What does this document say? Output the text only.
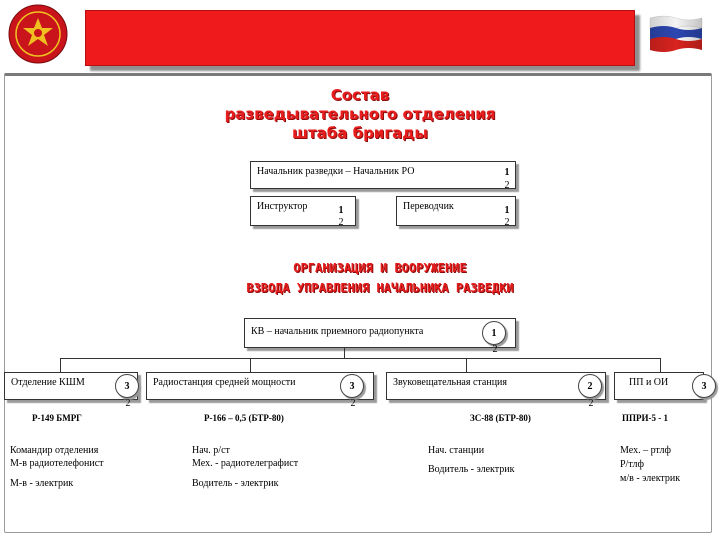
Состав
разведывательного отделения
штаба бригады
Начальник разведки – Начальник РО	1
2
Инструктор	1
2
Переводчик	1
2
ОРГАНИЗАЦИЯ И ВООРУЖЕНИЕ
ВЗВОДА УПРАВЛЕНИЯ НАЧАЛЬНИКА РАЗВЕДКИ
КВ – начальник приемного радиопункта	1
2
Отделение КШМ	3
2
Р-149 БМРГ
Командир отделения
М-в радиотелефонист
М-в - электрик
Радиостанция средней мощности	3
2
Р-166 – 0,5 (БТР-80)
Нач. р/ст
Мех. - радиотелеграфист
Водитель - электрик
Звуковещательная станция	2
2
ЗС-88 (БТР-80)
Нач. станции
Водитель - электрик
ПП и ОИ	3
ППРИ-5 - 1
Мех. – ртлф
Р/тлф
м/в - электрик
